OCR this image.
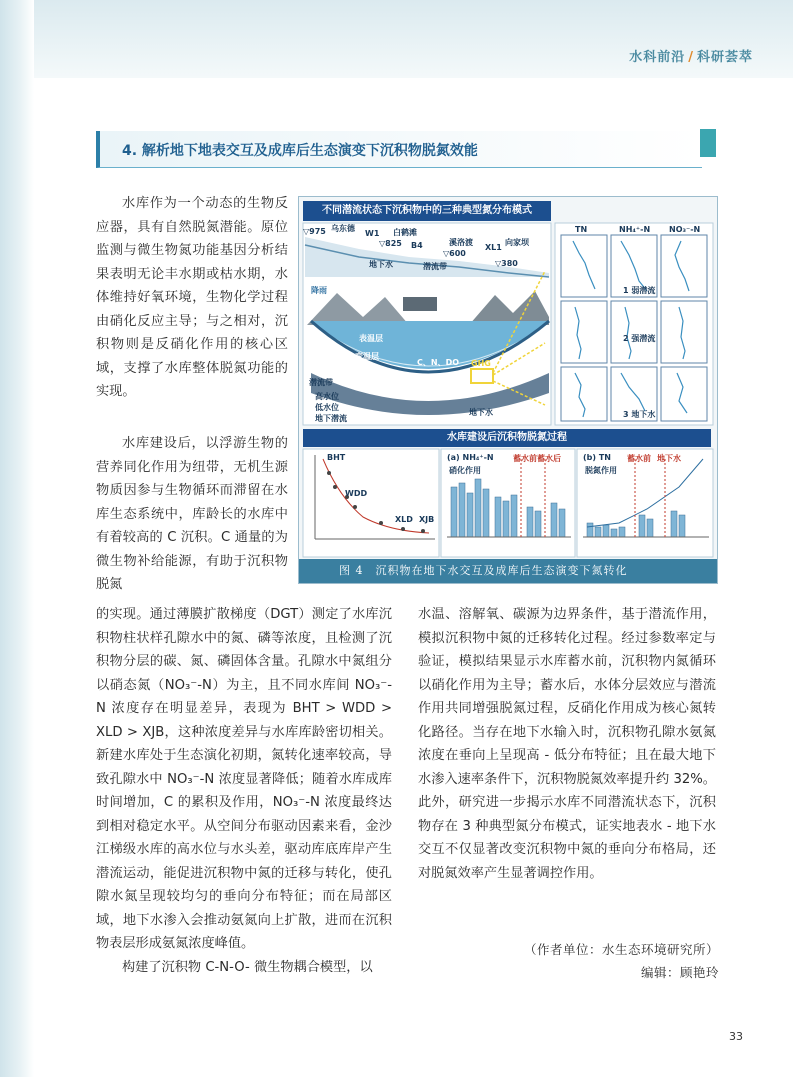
水科前沿 / 科研荟萃
4. 解析地下地表交互及成库后生态演变下沉积物脱氮效能

水库作为一个动态的生物反应器，具有自然脱氮潜能。原位监测与微生物氮功能基因分析结果表明无论丰水期或枯水期，水体维持好氧环境，生物化学过程由硝化反应主导；与之相对，沉积物则是反硝化作用的核心区域，支撑了水库整体脱氮功能的实现。

水库建设后，以浮游生物的营养同化作用为纽带，无机生源物质因参与生物循环而滞留在水库生态系统中，库龄长的水库中有着较高的 C 沉积。C 通量的为微生物补给能源，有助于沉积物脱氮

的实现。通过薄膜扩散梯度（DGT）测定了水库沉积物柱状样孔隙水中的氮、磷等浓度，且检测了沉积物分层的碳、氮、磷固体含量。孔隙水中氮组分以硝态氮（NO₃⁻-N）为主，且不同水库间 NO₃⁻-N 浓度存在明显差异，表现为 BHT > WDD > XLD > XJB，这种浓度差异与水库库龄密切相关。新建水库处于生态演化初期，氮转化速率较高，导致孔隙水中 NO₃⁻-N 浓度显著降低；随着水库成库时间增加，C 的累积及作用，NO₃⁻-N 浓度最终达到相对稳定水平。从空间分布驱动因素来看，金沙江梯级水库的高水位与水头差，驱动库底库岸产生潜流运动，能促进沉积物中氮的迁移与转化，使孔隙水氮呈现较均匀的垂向分布特征；而在局部区域，地下水渗入会推动氨氮向上扩散，进而在沉积物表层形成氨氮浓度峰值。

构建了沉积物 C-N-O- 微生物耦合模型，以

水温、溶解氧、碳源为边界条件，基于潜流作用，模拟沉积物中氮的迁移转化过程。经过参数率定与验证，模拟结果显示水库蓄水前，沉积物内氮循环以硝化作用为主导；蓄水后，水体分层效应与潜流作用共同增强脱氮过程，反硝化作用成为核心氮转化路径。当存在地下水输入时，沉积物孔隙水氨氮浓度在垂向上呈现高 - 低分布特征；且在最大地下水渗入速率条件下，沉积物脱氮效率提升约 32%。此外，研究进一步揭示水库不同潜流状态下，沉积物存在 3 种典型氮分布模式，证实地表水 - 地下水交互不仅显著改变沉积物中氮的垂向分布格局，还对脱氮效率产生显著调控作用。

不同潜流状态下沉积物中的三种典型氮分布模式
▽975 乌东德
W1 白鹤滩
▽825 B4	溪洛渡
XL1
向家坝
▽600
▽380
地下水	潜流带
降雨
表温层
变温层
滞温层
C、N、DO GHG
潜流带
高水位
低水位
地下潜流
地下水
TN	NH₄⁺-N NO₃⁻-N
1 弱潜流
2 强潜流
3 地下水
水库建设后沉积物脱氮过程
BHT
WDD
XLD XJB
(a) NH₄⁺-N
硝化作用
蓄水前 蓄水后	(b) TN
脱氮作用
蓄水前 地下水
图 4　沉积物在地下水交互及成库后生态演变下氮转化
（作者单位：水生态环境研究所）
编辑：顾艳玲
33
